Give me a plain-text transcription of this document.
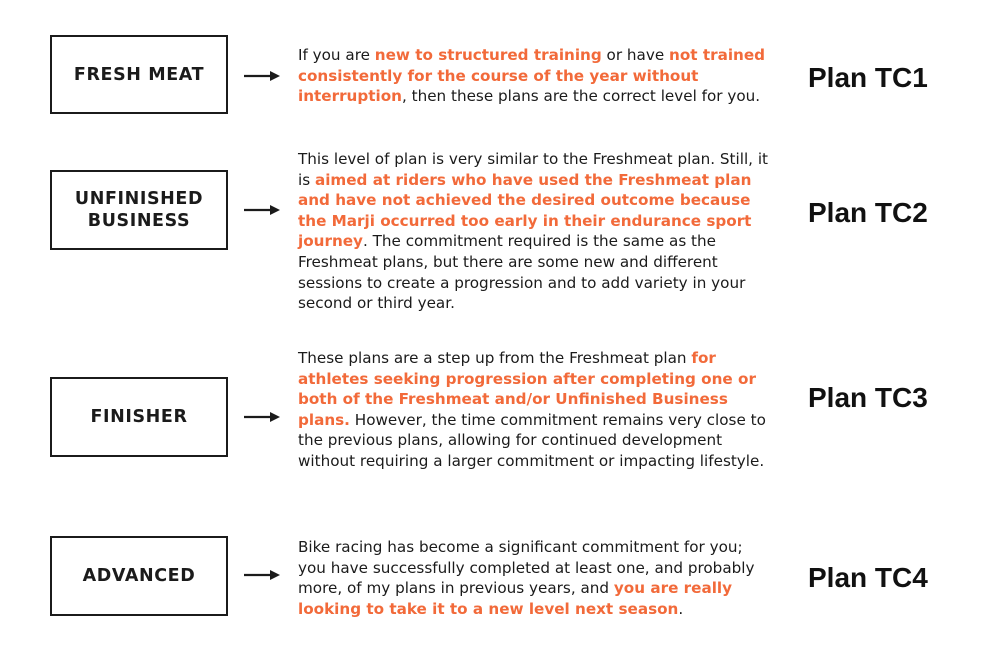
FRESH MEAT
If you are new to structured training or have not trained consistently for the course of the year without interruption, then these plans are the correct level for you.
Plan TC1
UNFINISHED
BUSINESS
This level of plan is very similar to the Freshmeat plan. Still, it is aimed at riders who have used the Freshmeat plan and have not achieved the desired outcome because the Marji occurred too early in their endurance sport journey. The commitment required is the same as the Freshmeat plans, but there are some new and different sessions to create a progression and to add variety in your second or third year.
Plan TC2
FINISHER
These plans are a step up from the Freshmeat plan for athletes seeking progression after completing one or both of the Freshmeat and/or Unfinished Business plans. However, the time commitment remains very close to the previous plans, allowing for continued development without requiring a larger commitment or impacting lifestyle.
Plan TC3
ADVANCED
Bike racing has become a significant commitment for you; you have successfully completed at least one, and probably more, of my plans in previous years, and you are really looking to take it to a new level next season.
Plan TC4
